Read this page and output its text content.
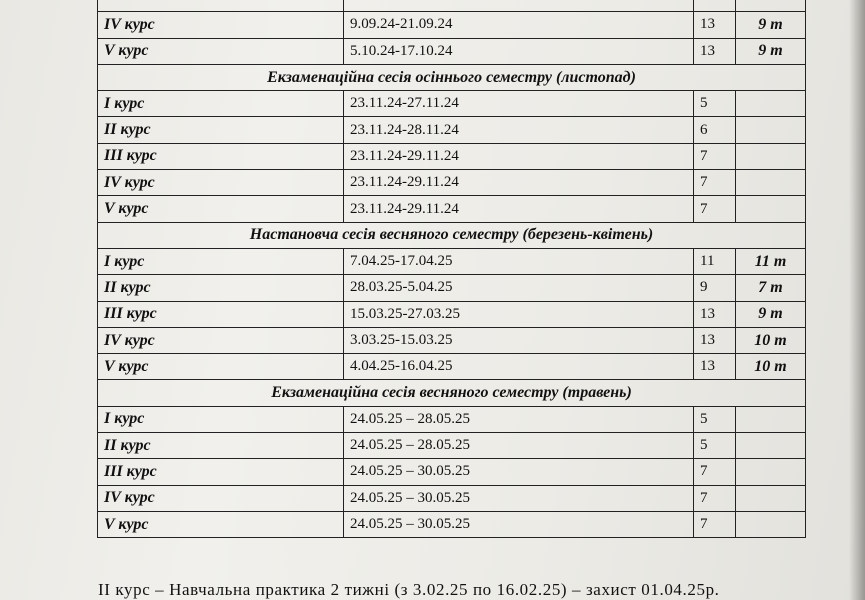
IV курс	9.09.24-21.09.24	13	9 т
V курс	5.10.24-17.10.24	13	9 т
Екзаменаційна сесія осіннього семестру (листопад)			
I курс	23.11.24-27.11.24	5	
II курс	23.11.24-28.11.24	6	
III курс	23.11.24-29.11.24	7	
IV курс	23.11.24-29.11.24	7	
V курс	23.11.24-29.11.24	7	
Настановча сесія весняного семестру (березень-квітень)			
I курс	7.04.25-17.04.25	11	11 т
II курс	28.03.25-5.04.25	9	7 т
III курс	15.03.25-27.03.25	13	9 т
IV курс	3.03.25-15.03.25	13	10 т
V курс	4.04.25-16.04.25	13	10 т
Екзаменаційна сесія весняного семестру (травень)			
I курс	24.05.25 – 28.05.25	5	
II курс	24.05.25 – 28.05.25	5	
III курс	24.05.25 – 30.05.25	7	
IV курс	24.05.25 – 30.05.25	7	
V курс	24.05.25 – 30.05.25	7	
II курс – Навчальна практика 2 тижні (з 3.02.25 по 16.02.25) – захист 01.04.25р.
